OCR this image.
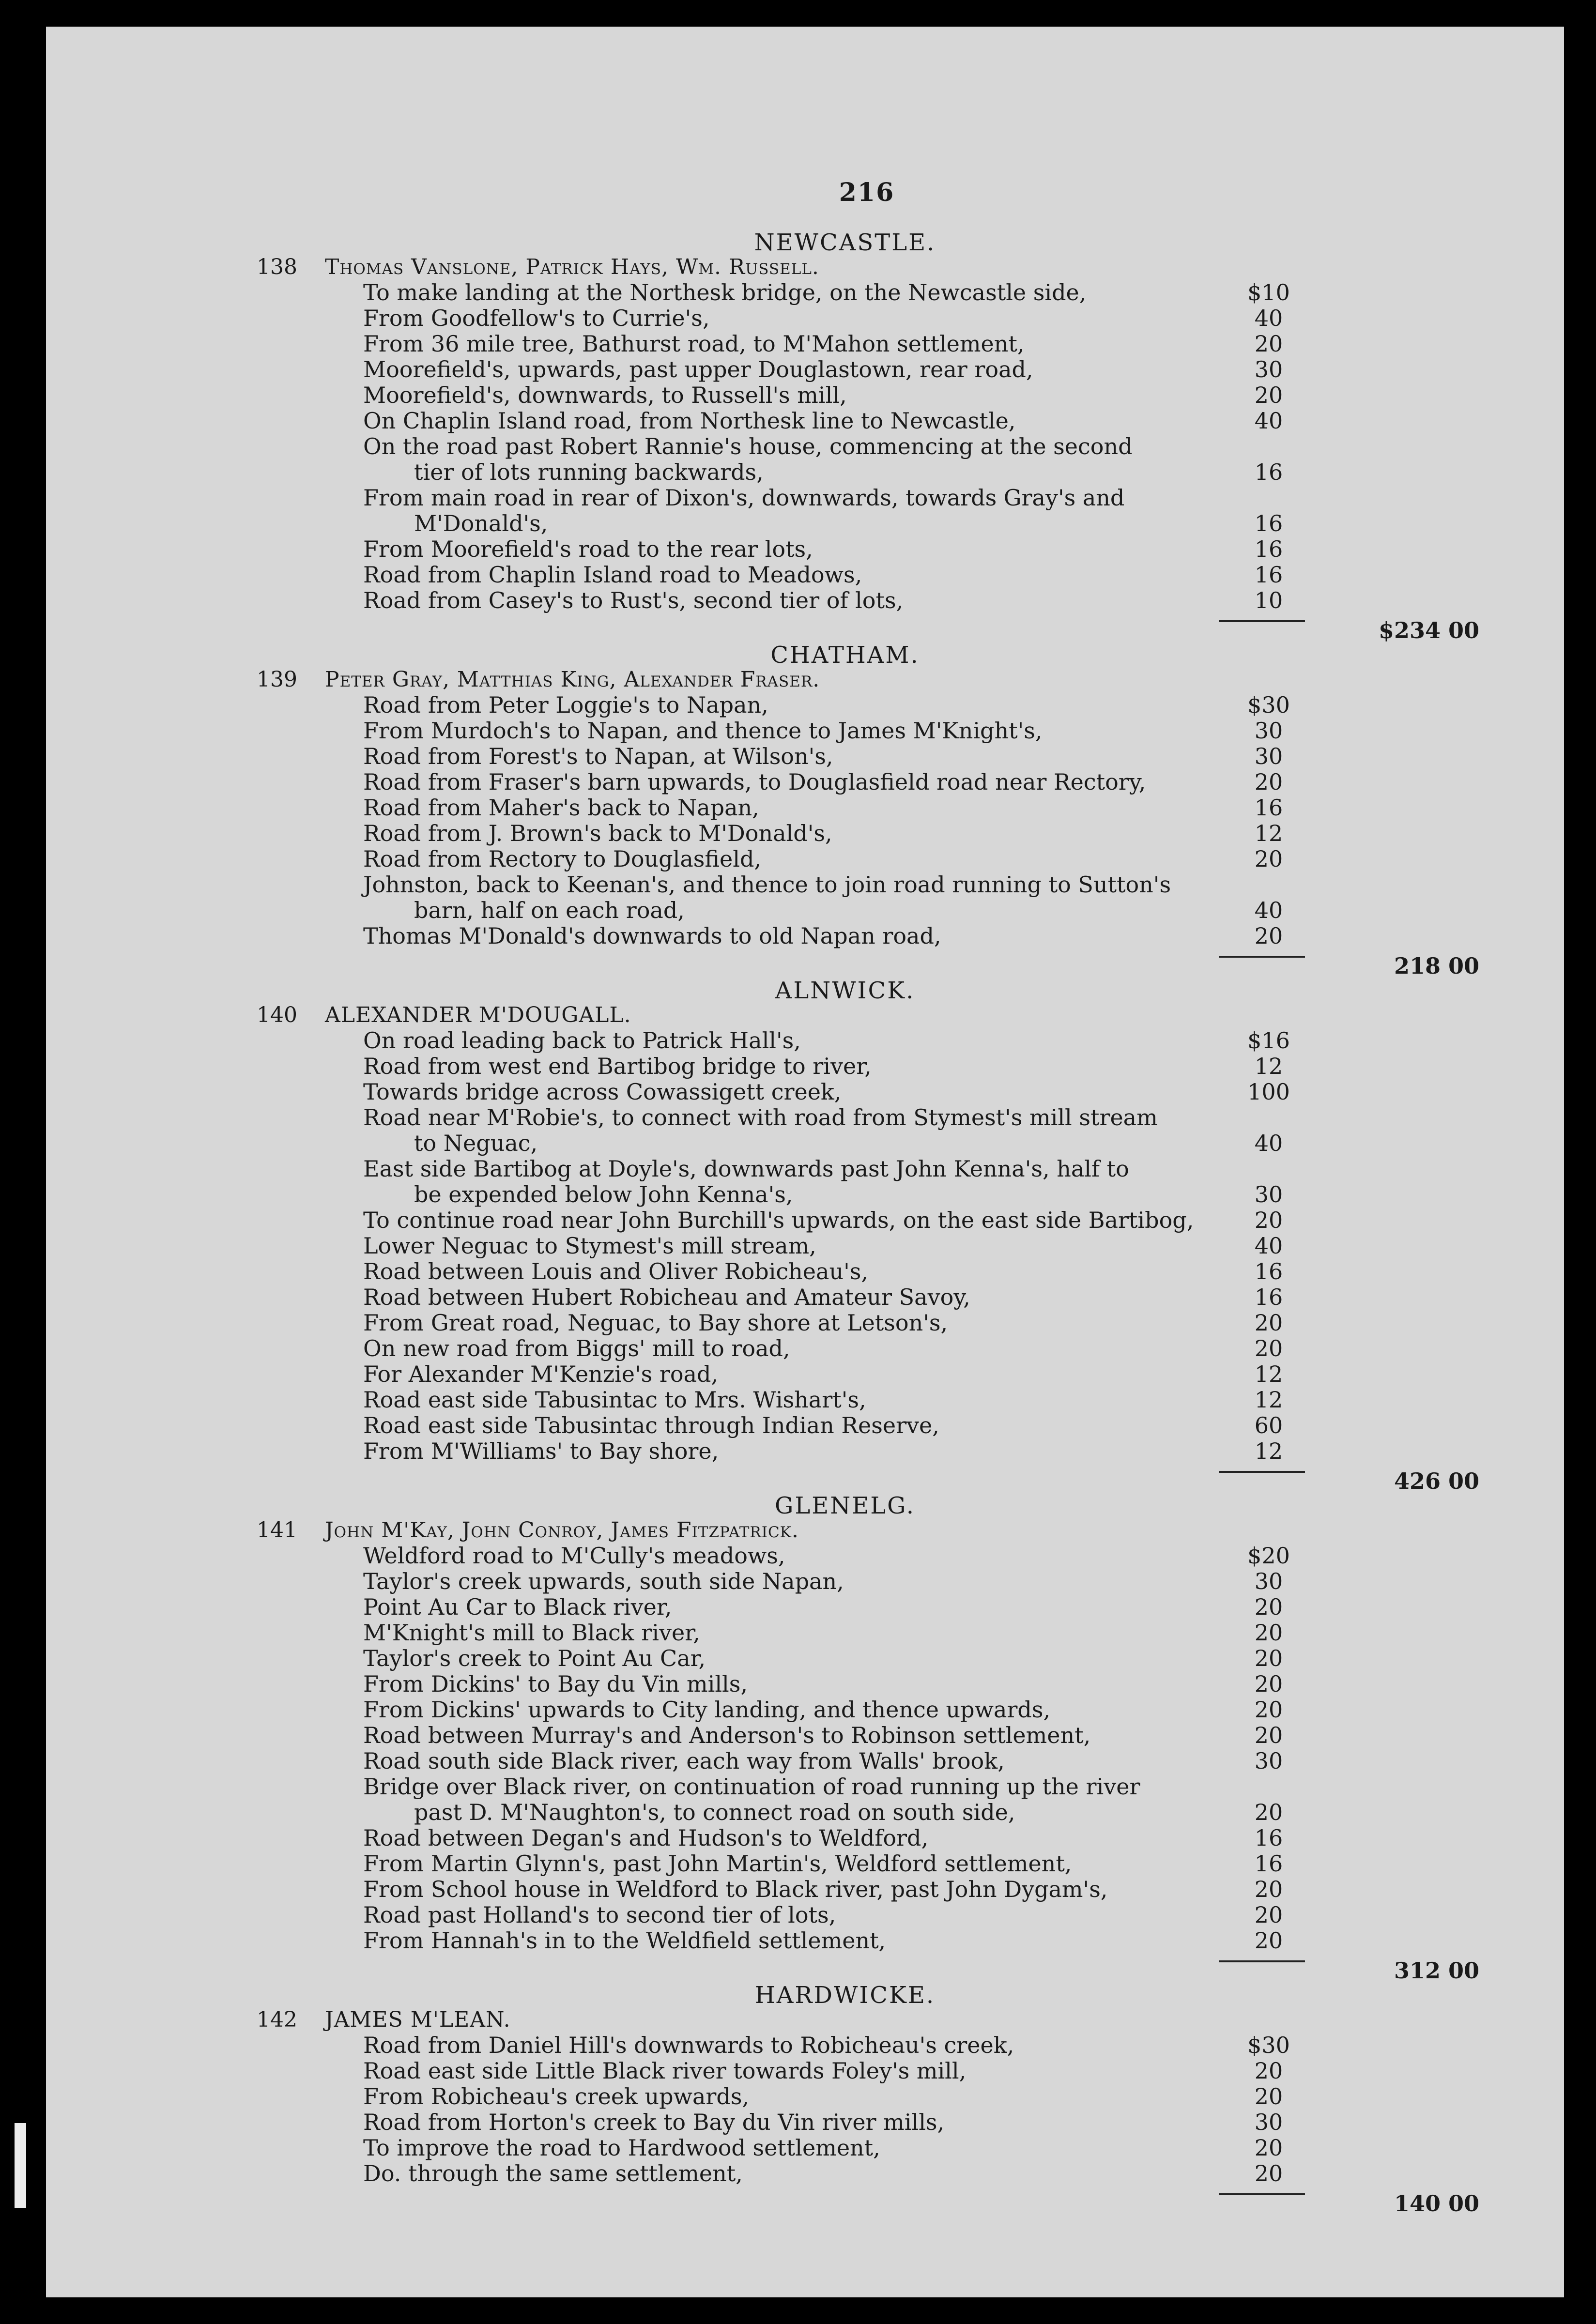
216
NEWCASTLE.
138 Thomas Vanslone, Patrick Hays, Wm. Russell.
To make landing at the Northesk bridge, on the Newcastle side,	$10
From Goodfellow's to Currie's,	40
From 36 mile tree, Bathurst road, to M'Mahon settlement,	20
Moorefield's, upwards, past upper Douglastown, rear road,	30
Moorefield's, downwards, to Russell's mill,	20
On Chaplin Island road, from Northesk line to Newcastle,	40
On the road past Robert Rannie's house, commencing at the second
tier of lots running backwards,	16
From main road in rear of Dixon's, downwards, towards Gray's and
M'Donald's,	16
From Moorefield's road to the rear lots,	16
Road from Chaplin Island road to Meadows,	16
Road from Casey's to Rust's, second tier of lots,	10
$234 00
CHATHAM.
139 Peter Gray, Matthias King, Alexander Fraser.
Road from Peter Loggie's to Napan,	$30
From Murdoch's to Napan, and thence to James M'Knight's,	30
Road from Forest's to Napan, at Wilson's,	30
Road from Fraser's barn upwards, to Douglasfield road near Rectory,	20
Road from Maher's back to Napan,	16
Road from J. Brown's back to M'Donald's,	12
Road from Rectory to Douglasfield,	20
Johnston, back to Keenan's, and thence to join road running to Sutton's
barn, half on each road,	40
Thomas M'Donald's downwards to old Napan road,	20
218 00
ALNWICK.
140 ALEXANDER M'DOUGALL.
On road leading back to Patrick Hall's,	$16
Road from west end Bartibog bridge to river,	12
Towards bridge across Cowassigett creek,	100
Road near M'Robie's, to connect with road from Stymest's mill stream
to Neguac,	40
East side Bartibog at Doyle's, downwards past John Kenna's, half to
be expended below John Kenna's,	30
To continue road near John Burchill's upwards, on the east side Bartibog,	20
Lower Neguac to Stymest's mill stream,	40
Road between Louis and Oliver Robicheau's,	16
Road between Hubert Robicheau and Amateur Savoy,	16
From Great road, Neguac, to Bay shore at Letson's,	20
On new road from Biggs' mill to road,	20
For Alexander M'Kenzie's road,	12
Road east side Tabusintac to Mrs. Wishart's,	12
Road east side Tabusintac through Indian Reserve,	60
From M'Williams' to Bay shore,	12
426 00
GLENELG.
141 John M'Kay, John Conroy, James Fitzpatrick.
Weldford road to M'Cully's meadows,	$20
Taylor's creek upwards, south side Napan,	30
Point Au Car to Black river,	20
M'Knight's mill to Black river,	20
Taylor's creek to Point Au Car,	20
From Dickins' to Bay du Vin mills,	20
From Dickins' upwards to City landing, and thence upwards,	20
Road between Murray's and Anderson's to Robinson settlement,	20
Road south side Black river, each way from Walls' brook,	30
Bridge over Black river, on continuation of road running up the river
past D. M'Naughton's, to connect road on south side,	20
Road between Degan's and Hudson's to Weldford,	16
From Martin Glynn's, past John Martin's, Weldford settlement,	16
From School house in Weldford to Black river, past John Dygam's,	20
Road past Holland's to second tier of lots,	20
From Hannah's in to the Weldfield settlement,	20
312 00
HARDWICKE.
142 JAMES M'LEAN.
Road from Daniel Hill's downwards to Robicheau's creek,	$30
Road east side Little Black river towards Foley's mill,	20
From Robicheau's creek upwards,	20
Road from Horton's creek to Bay du Vin river mills,	30
To improve the road to Hardwood settlement,	20
Do. through the same settlement,	20
140 00
